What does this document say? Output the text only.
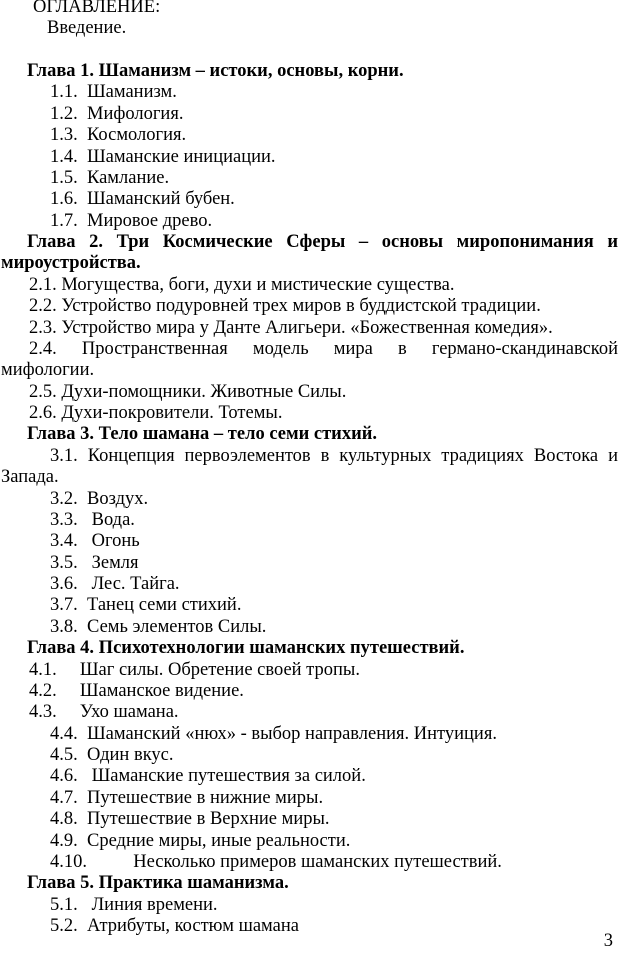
ОГЛАВЛЕНИЕ:
Введение.
Глава 1. Шаманизм – истоки, основы, корни.
1.1.  Шаманизм.
1.2.  Мифология.
1.3.  Космология.
1.4.  Шаманские инициации.
1.5.  Камлание.
1.6.  Шаманский бубен.
1.7.  Мировое древо.
Глава 2. Три Космические Сферы – основы миропонимания и
мироустройства.
2.1. Могущества, боги, духи и мистические существа.
2.2. Устройство подуровней трех миров в буддистской традиции.
2.3. Устройство мира у Данте Алигьери. «Божественная комедия».
2.4. Пространственная модель мира в германо-скандинавской
мифологии.
2.5. Духи-помощники. Животные Силы.
2.6. Духи-покровители. Тотемы.
Глава 3. Тело шамана – тело семи стихий.
3.1. Концепция первоэлементов в культурных традициях Востока и
Запада.
3.2.  Воздух.
3.3.   Вода.
3.4.   Огонь
3.5.   Земля
3.6.   Лес. Тайга.
3.7.  Танец семи стихий.
3.8.  Семь элементов Силы.
Глава 4. Психотехнологии шаманских путешествий.
4.1.     Шаг силы. Обретение своей тропы.
4.2.     Шаманское видение.
4.3.     Ухо шамана.
4.4.  Шаманский «нюх» - выбор направления. Интуиция.
4.5.  Один вкус.
4.6.   Шаманские путешествия за силой.
4.7.  Путешествие в нижние миры.
4.8.  Путешествие в Верхние миры.
4.9.  Средние миры, иные реальности.
4.10.          Несколько примеров шаманских путешествий.
Глава 5. Практика шаманизма.
5.1.   Линия времени.
5.2.  Атрибуты, костюм шамана
3
